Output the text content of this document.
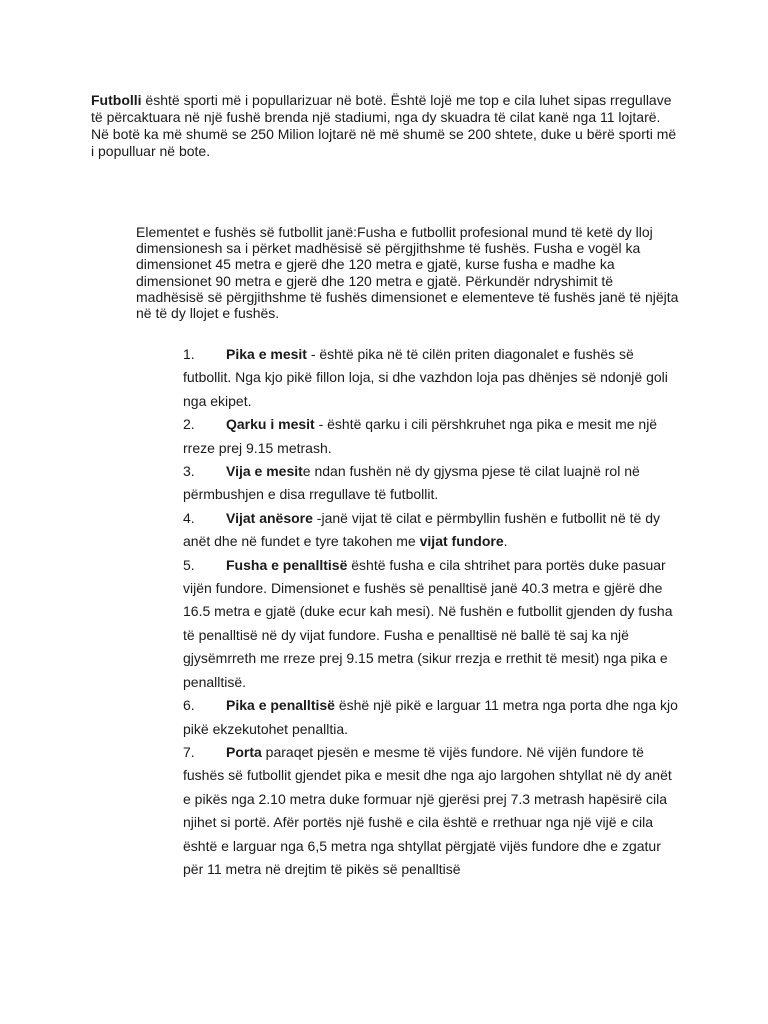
Futbolli është sporti më i popullarizuar në botë. Është lojë me top e cila luhet sipas rregullave të përcaktuara në një fushë brenda një stadiumi, nga dy skuadra të cilat kanë nga 11 lojtarë. Në botë ka më shumë se 250 Milion lojtarë në më shumë se 200 shtete, duke u bërë sporti më i populluar në bote.

Elementet e fushës së futbollit janë:Fusha e futbollit profesional mund të ketë dy lloj dimensionesh sa i përket madhësisë së përgjithshme të fushës. Fusha e vogël ka dimensionet 45 metra e gjerë dhe 120 metra e gjatë, kurse fusha e madhe ka dimensionet 90 metra e gjerë dhe 120 metra e gjatë. Përkundër ndryshimit të madhësisë së përgjithshme të fushës dimensionet e elementeve të fushës janë të njëjta në të dy llojet e fushës.

1. Pika e mesit - është pika në të cilën priten diagonalet e fushës së futbollit. Nga kjo pikë fillon loja, si dhe vazhdon loja pas dhënjes së ndonjë goli nga ekipet.
2. Qarku i mesit - është qarku i cili përshkruhet nga pika e mesit me një rreze prej 9.15 metrash.
3. Vija e mesite ndan fushën në dy gjysma pjese të cilat luajnë rol në përmbushjen e disa rregullave të futbollit.
4. Vijat anësore -janë vijat të cilat e përmbyllin fushën e futbollit në të dy anët dhe në fundet e tyre takohen me vijat fundore.
5. Fusha e penalltisë është fusha e cila shtrihet para portës duke pasuar vijën fundore. Dimensionet e fushës së penalltisë janë 40.3 metra e gjërë dhe 16.5 metra e gjatë (duke ecur kah mesi). Në fushën e futbollit gjenden dy fusha të penalltisë në dy vijat fundore. Fusha e penalltisë në ballë të saj ka një gjysëmrreth me rreze prej 9.15 metra (sikur rrezja e rrethit të mesit) nga pika e penalltisë.
6. Pika e penalltisë ëshë një pikë e larguar 11 metra nga porta dhe nga kjo pikë ekzekutohet penalltia.
7. Porta paraqet pjesën e mesme të vijës fundore. Në vijën fundore të fushës së futbollit gjendet pika e mesit dhe nga ajo largohen shtyllat në dy anët e pikës nga 2.10 metra duke formuar një gjerësi prej 7.3 metrash hapësirë cila njihet si portë. Afër portës një fushë e cila është e rrethuar nga një vijë e cila është e larguar nga 6,5 metra nga shtyllat përgjatë vijës fundore dhe e zgatur për 11 metra në drejtim të pikës së penalltisë
